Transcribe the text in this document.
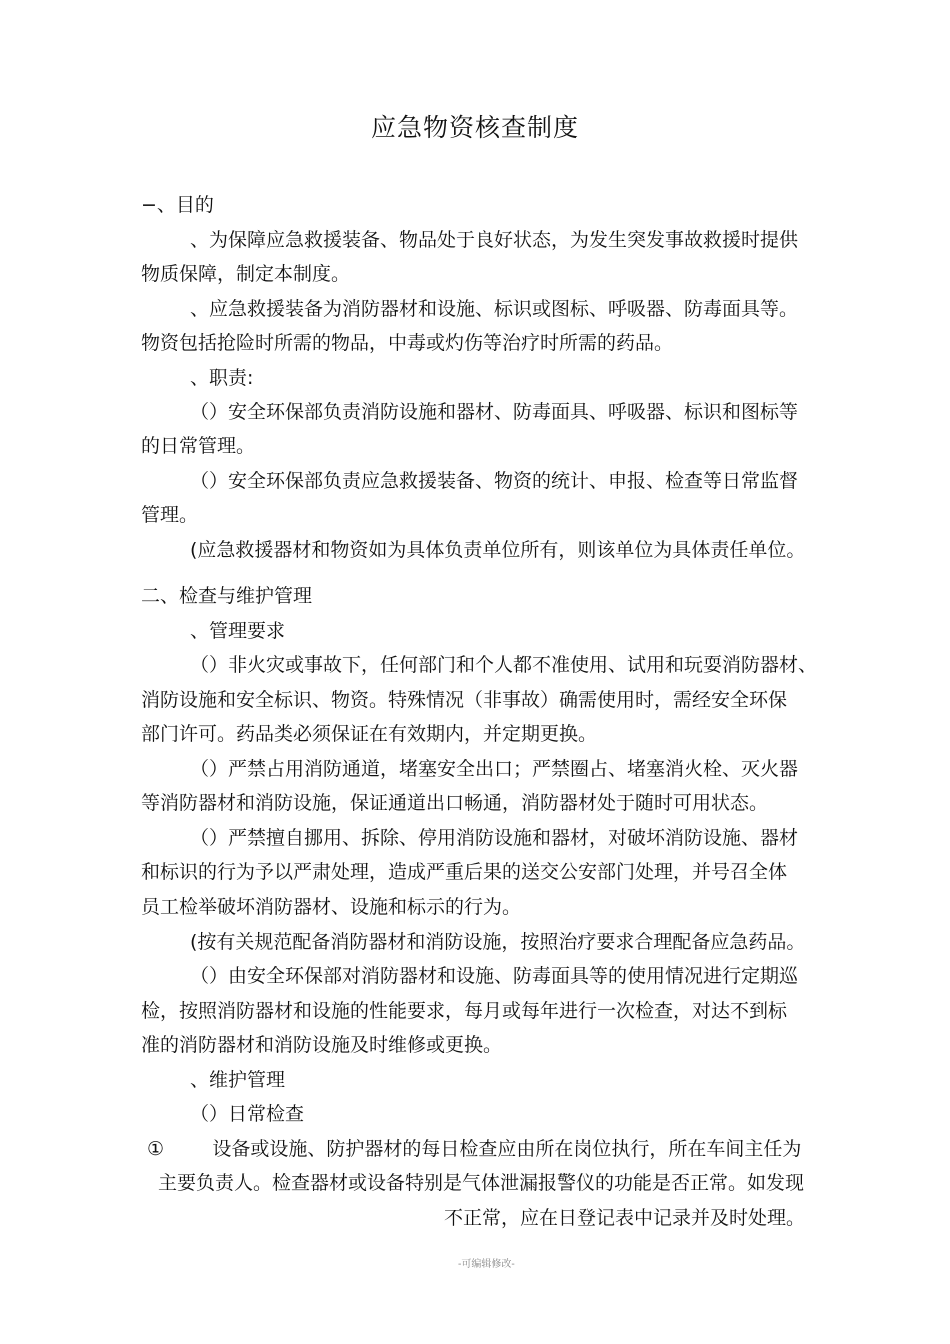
应急物资核查制度
−、目的
、为保障应急救援装备、物品处于良好状态，为发生突发事故救援时提供
物质保障，制定本制度。
、应急救援装备为消防器材和设施、标识或图标、呼吸器、防毒面具等。
物资包括抢险时所需的物品，中毒或灼伤等治疗时所需的药品。
、职责:
（）安全环保部负责消防设施和器材、防毒面具、呼吸器、标识和图标等
的日常管理。
（）安全环保部负责应急救援装备、物资的统计、申报、检查等日常监督
管理。
(应急救援器材和物资如为具体负责单位所有，则该单位为具体责任单位。
二、检查与维护管理
、管理要求
（）非火灾或事故下，任何部门和个人都不准使用、试用和玩耍消防器材、
消防设施和安全标识、物资。特殊情况（非事故）确需使用时，需经安全环保
部门许可。药品类必须保证在有效期内，并定期更换。
（）严禁占用消防通道，堵塞安全出口；严禁圈占、堵塞消火栓、灭火器
等消防器材和消防设施，保证通道出口畅通，消防器材处于随时可用状态。
（）严禁擅自挪用、拆除、停用消防设施和器材，对破坏消防设施、器材
和标识的行为予以严肃处理，造成严重后果的送交公安部门处理，并号召全体
员工检举破坏消防器材、设施和标示的行为。
(按有关规范配备消防器材和消防设施，按照治疗要求合理配备应急药品。
（）由安全环保部对消防器材和设施、防毒面具等的使用情况进行定期巡
检，按照消防器材和设施的性能要求，每月或每年进行一次检查，对达不到标
准的消防器材和消防设施及时维修或更换。
、维护管理
（）日常检查
①        设备或设施、防护器材的每日检查应由所在岗位执行，所在车间主任为
主要负责人。检查器材或设备特别是气体泄漏报警仪的功能是否正常。如发现
不正常，应在日登记表中记录并及时处理。
-可编辑修改-
